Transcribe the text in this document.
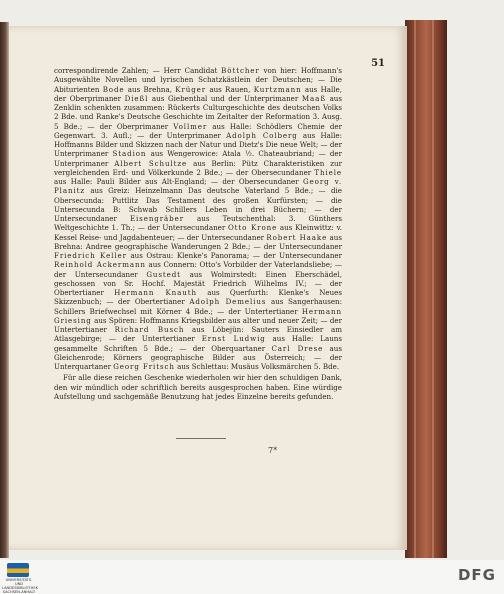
51

correspondirende Zahlen; — Herr Candidat Böttcher von hier: Hoffmann's Ausgewählte Novellen und lyrischen Schatzkästlein der Deutschen; — Die Abiturienten Bode aus Brehna, Krüger aus Rauen, Kurtzmann aus Halle, der Oberprimaner Dießl aus Giebenthal und der Unterprimaner Maaß aus Zenklin schenkten zusammen: Rückerts Culturgeschichte des deutschen Volks 2 Bde. und Ranke's Deutsche Geschichte im Zeitalter der Reformation 3. Ausg. 5 Bde.; — der Oberprimaner Vollmer aus Halle: Schödlers Chemie der Gegenwart. 3. Aufl.; — der Unterprimaner Adolph Colberg aus Halle: Hoffmanns Bilder und Skizzen nach der Natur und Dietz's Die neue Welt; — der Unterprimaner Stadion aus Wengerowice: Atala ½. Chateaubriand; — der Unterprimaner Albert Schultze aus Berlin: Pütz Charakteristiken zur vergleichenden Erd- und Völkerkunde 2 Bde.; — der Obersecundaner Thiele aus Halle: Pauli Bilder aus Alt-England; — der Obersecundaner Georg v. Planitz aus Greiz: Heinzelmann Das deutsche Vaterland 5 Bde.; — die Obersecunda: Puttlitz Das Testament des großen Kurfürsten; — die Untersecunda B: Schwab Schillers Leben in drei Büchern; — der Untersecundaner Eisengräber aus Teutschenthal: 3. Günthers Weltgeschichte 1. Th.; — der Untersecundaner Otto Krone aus Kleinwittz: v. Kessel Reise- und Jagdabenteuer; — der Untersecundaner Robert Haake aus Brehna: Andree geographische Wanderungen 2 Bde.; — der Untersecundaner Friedrich Keller aus Ostrau: Klenke's Panorama; — der Untersecundaner Reinhold Ackermann aus Connern: Otto's Vorbilder der Vaterlandsliebe; — der Untersecundaner Gustedt aus Wolmirstedt: Einen Eberschädel, geschossen von Sr. Hochf. Majestät Friedrich Wilhelms IV.; — der Obertertianer Hermann Knauth aus Querfurth: Klenke's Neues Skizzenbuch; — der Obertertianer Adolph Demelius aus Sangerhausen: Schillers Briefwechsel mit Körner 4 Bde.; — der Untertertianer Hermann Griesing aus Spören: Hoffmanns Kriegsbilder aus alter und neuer Zeit; — der Untertertianer Richard Busch aus Löbejün: Sauters Einsiedler am Atlasgebirge; — der Untertertianer Ernst Ludwig aus Halle: Launs gesammelte Schriften 5 Bde.; — der Oberquartaner Carl Drese aus Gleichenrode; Körners geographische Bilder aus Österreich; — der Unterquartaner Georg Fritsch aus Schlettau: Musäus Volksmärchen 5. Bde.

Für alle diese reichen Geschenke wiederholen wir hier den schuldigen Dank, den wir mündlich oder schriftlich bereits ausgesprochen haben. Eine würdige Aufstellung und sachgemäße Benutzung hat jedes Einzelne bereits gefunden.

7*
UNIVERSITÄTS- UND LANDESBIBLIOTHEK SACHSEN-ANHALT
DFG
